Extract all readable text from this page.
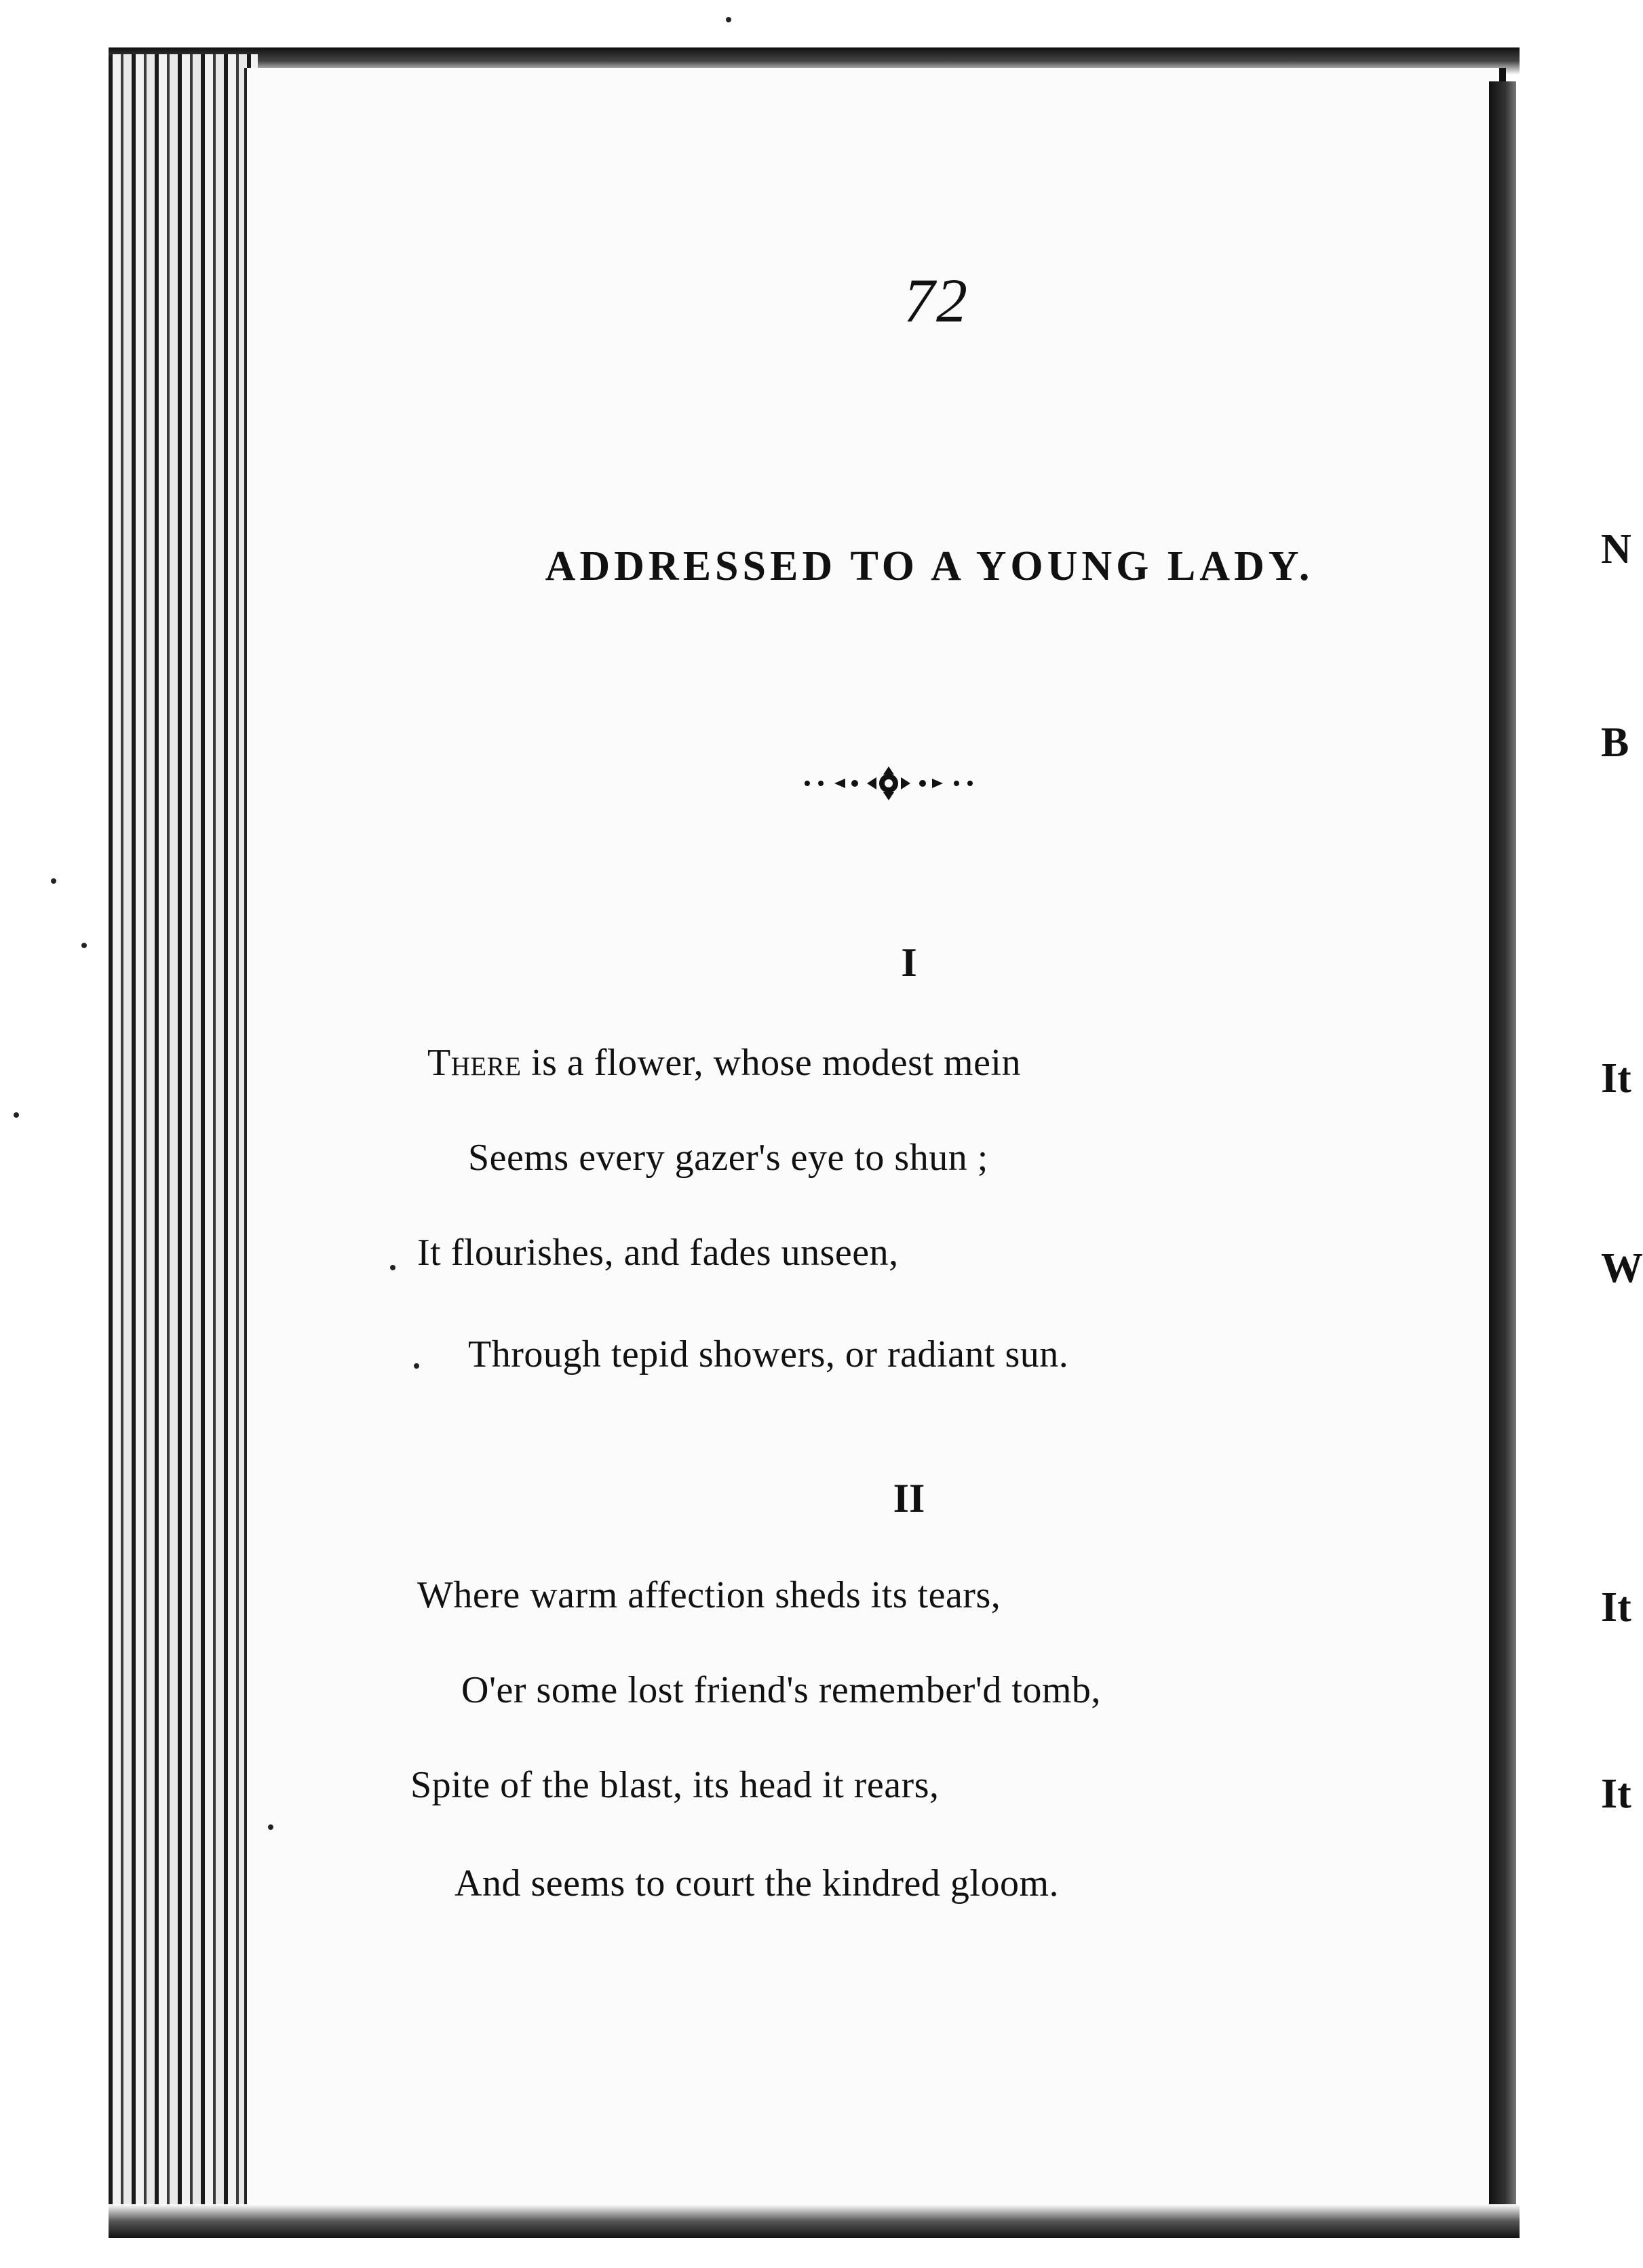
N
B
It
W
It
It
72
ADDRESSED TO A YOUNG LADY.
I
There is a flower, whose modest mein
Seems every gazer's eye to shun ;
It flourishes, and fades unseen,
Through tepid showers, or radiant sun.
II
Where warm affection sheds its tears,
O'er some lost friend's remember'd tomb,
Spite of the blast, its head it rears,
And seems to court the kindred gloom.
